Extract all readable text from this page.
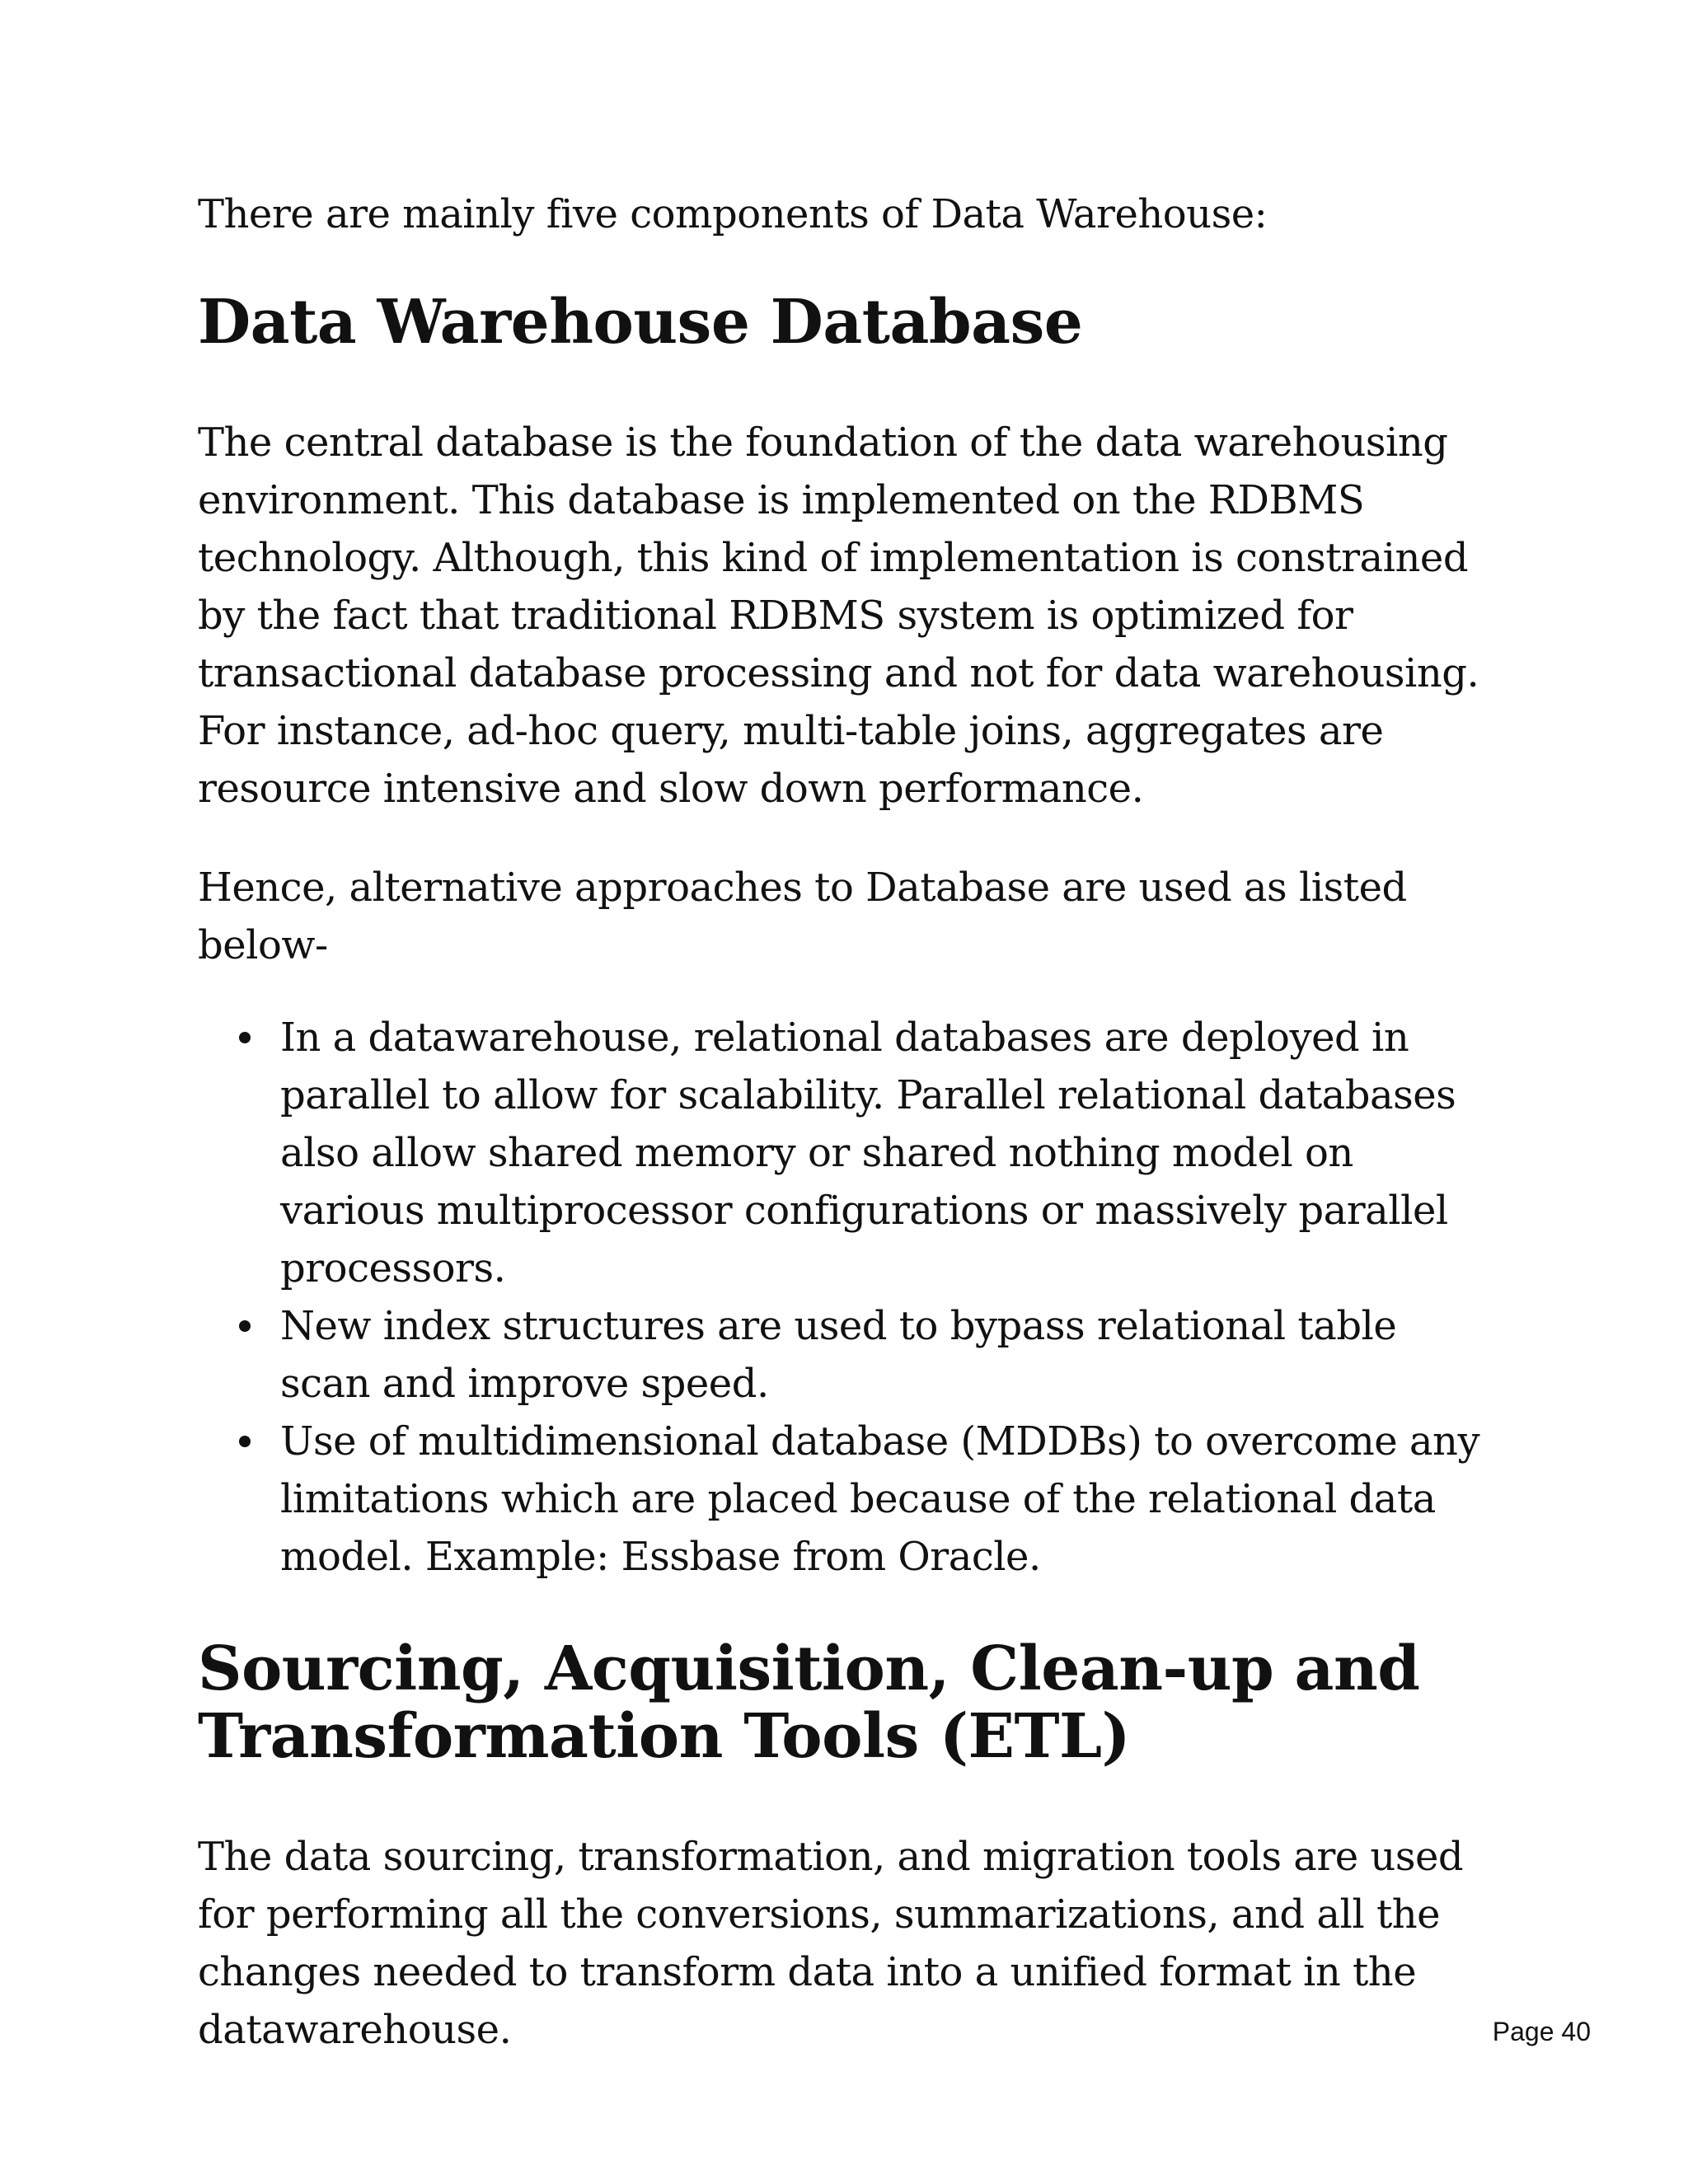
There are mainly five components of Data Warehouse:

Data Warehouse Database

The central database is the foundation of the data warehousing environment. This database is implemented on the RDBMS technology. Although, this kind of implementation is constrained by the fact that traditional RDBMS system is optimized for transactional database processing and not for data warehousing. For instance, ad-hoc query, multi-table joins, aggregates are resource intensive and slow down performance.

Hence, alternative approaches to Database are used as listed below-

In a datawarehouse, relational databases are deployed in parallel to allow for scalability. Parallel relational databases also allow shared memory or shared nothing model on various multiprocessor configurations or massively parallel processors.
New index structures are used to bypass relational table scan and improve speed.
Use of multidimensional database (MDDBs) to overcome any limitations which are placed because of the relational data model. Example: Essbase from Oracle.
Sourcing, Acquisition, Clean-up and Transformation Tools (ETL)

The data sourcing, transformation, and migration tools are used for performing all the conversions, summarizations, and all the changes needed to transform data into a unified format in the datawarehouse.	Page 40
